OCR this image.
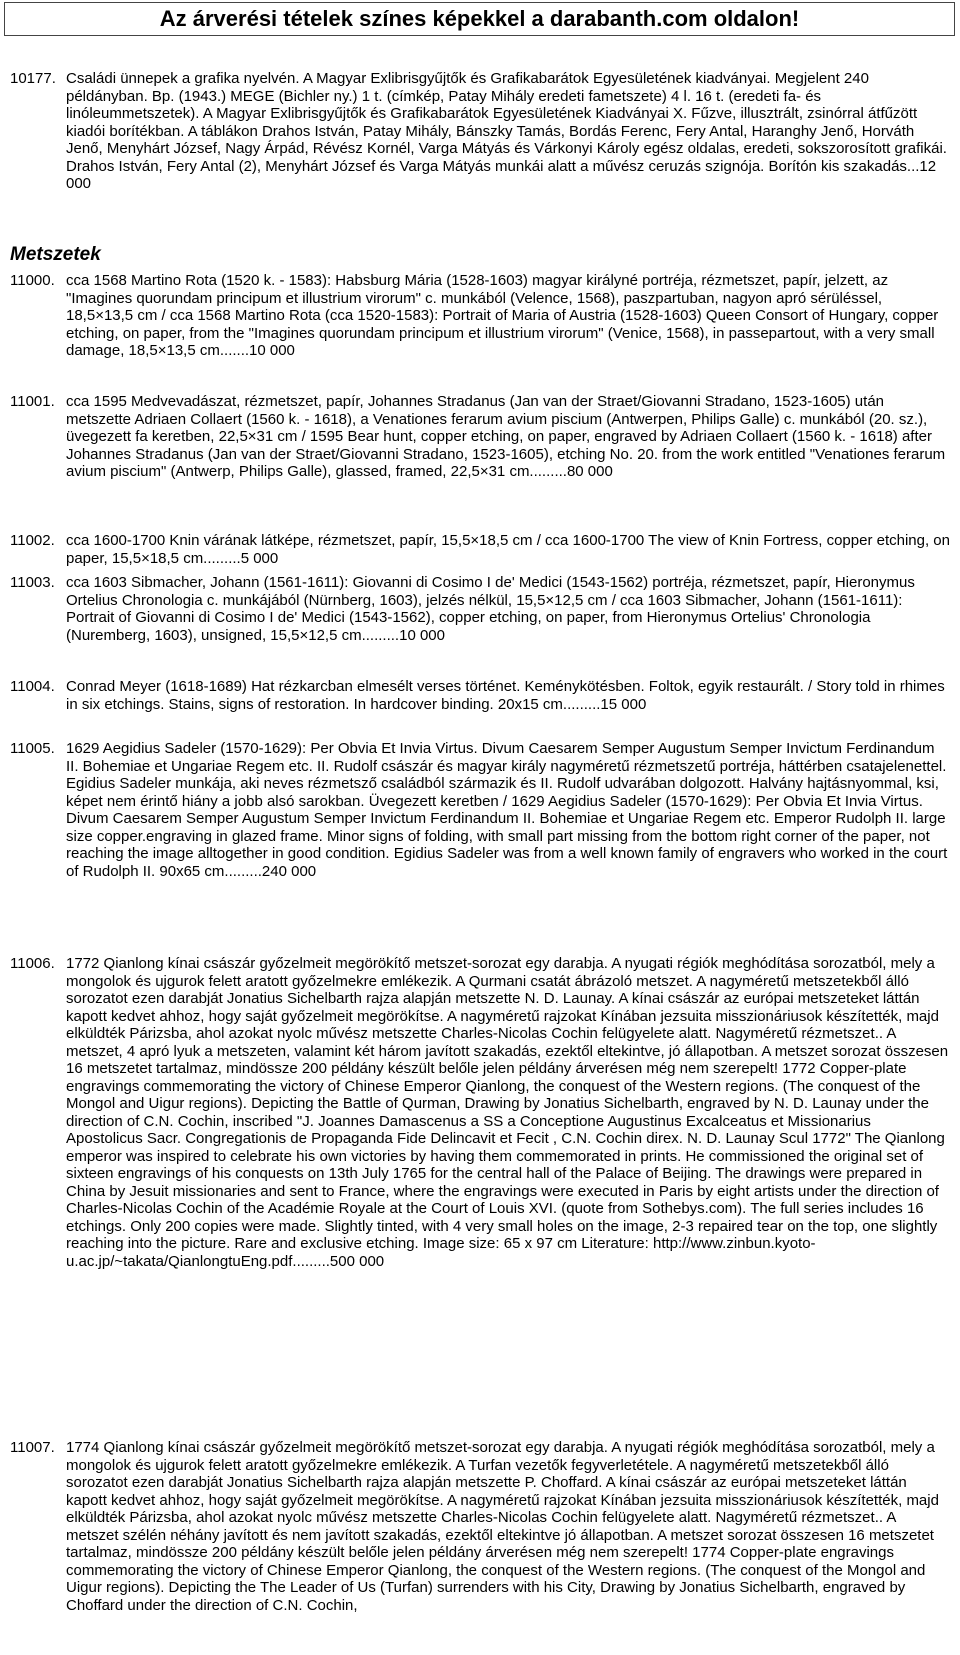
Az árverési tételek színes képekkel a darabanth.com oldalon!
10177. Családi ünnepek a grafika nyelvén. A Magyar Exlibrisgyűjtők és Grafikabarátok Egyesületének kiadványai. Megjelent 240 példányban. Bp. (1943.) MEGE (Bichler ny.) 1 t. (címkép, Patay Mihály eredeti fametszete) 4 l. 16 t. (eredeti fa- és linóleummetszetek). A Magyar Exlibrisgyűjtők és Grafikabarátok Egyesületének Kiadványai X. Fűzve, illusztrált, zsinórral átfűzött kiadói borítékban. A táblákon Drahos István, Patay Mihály, Bánszky Tamás, Bordás Ferenc, Fery Antal, Haranghy Jenő, Horváth Jenő, Menyhárt József, Nagy Árpád, Révész Kornél, Varga Mátyás és Várkonyi Károly egész oldalas, eredeti, sokszorosított grafikái. Drahos István, Fery Antal (2), Menyhárt József és Varga Mátyás munkái alatt a művész ceruzás szignója. Borítón kis szakadás...12 000
Metszetek
11000. cca 1568 Martino Rota (1520 k. - 1583): Habsburg Mária (1528-1603) magyar királyné portréja, rézmetszet, papír, jelzett, az "Imagines quorundam principum et illustrium virorum" c. munkából (Velence, 1568), paszpartuban, nagyon apró sérüléssel, 18,5×13,5 cm / cca 1568 Martino Rota (cca 1520-1583): Portrait of Maria of Austria (1528-1603) Queen Consort of Hungary, copper etching, on paper, from the "Imagines quorundam principum et illustrium virorum" (Venice, 1568), in passepartout, with a very small damage, 18,5×13,5 cm.......10 000
11001. cca 1595 Medvevadászat, rézmetszet, papír, Johannes Stradanus (Jan van der Straet/Giovanni Stradano, 1523-1605) után metszette Adriaen Collaert (1560 k. - 1618), a Venationes ferarum avium piscium (Antwerpen, Philips Galle) c. munkából (20. sz.), üvegezett fa keretben, 22,5×31 cm / 1595 Bear hunt, copper etching, on paper, engraved by Adriaen Collaert (1560 k. - 1618) after Johannes Stradanus (Jan van der Straet/Giovanni Stradano, 1523-1605), etching No. 20. from the work entitled "Venationes ferarum avium piscium" (Antwerp, Philips Galle), glassed, framed, 22,5×31 cm.........80 000
11002. cca 1600-1700 Knin várának látképe, rézmetszet, papír, 15,5×18,5 cm / cca 1600-1700 The view of Knin Fortress, copper etching, on paper, 15,5×18,5 cm.........5 000
11003. cca 1603 Sibmacher, Johann (1561-1611): Giovanni di Cosimo I de' Medici (1543-1562) portréja, rézmetszet, papír, Hieronymus Ortelius Chronologia c. munkájából (Nürnberg, 1603), jelzés nélkül, 15,5×12,5 cm / cca 1603 Sibmacher, Johann (1561-1611): Portrait of Giovanni di Cosimo I de' Medici (1543-1562), copper etching, on paper, from Hieronymus Ortelius' Chronologia (Nuremberg, 1603), unsigned, 15,5×12,5 cm.........10 000
11004. Conrad Meyer (1618-1689) Hat rézkarcban elmesélt verses történet. Keménykötésben. Foltok, egyik restaurált. / Story told in rhimes in six etchings. Stains, signs of restoration. In hardcover binding. 20x15 cm.........15 000
11005. 1629 Aegidius Sadeler (1570-1629): Per Obvia Et Invia Virtus. Divum Caesarem Semper Augustum Semper Invictum Ferdinandum II. Bohemiae et Ungariae Regem etc. II. Rudolf császár és magyar király nagyméretű rézmetszetű portréja, háttérben csatajelenettel. Egidius Sadeler munkája, aki neves rézmetsző családból származik és II. Rudolf udvarában dolgozott. Halvány hajtásnyommal, ksi, képet nem érintő hiány a jobb alsó sarokban. Üvegezett keretben / 1629 Aegidius Sadeler (1570-1629): Per Obvia Et Invia Virtus. Divum Caesarem Semper Augustum Semper Invictum Ferdinandum II. Bohemiae et Ungariae Regem etc. Emperor Rudolph II. large size copper.engraving in glazed frame. Minor signs of folding, with small part missing from the bottom right corner of the paper, not reaching the image alltogether in good condition. Egidius Sadeler was from a well known family of engravers who worked in the court of Rudolph II. 90x65 cm.........240 000
11006. 1772 Qianlong kínai császár győzelmeit megörökítő metszet-sorozat egy darabja. A nyugati régiók meghódítása sorozatból, mely a mongolok és ujgurok felett aratott győzelmekre emlékezik. A Qurmani csatát ábrázoló metszet. A nagyméretű metszetekből álló sorozatot ezen darabját Jonatius Sichelbarth rajza alapján metszette N. D. Launay. A kínai császár az európai metszeteket láttán kapott kedvet ahhoz, hogy saját győzelmeit megörökítse. A nagyméretű rajzokat Kínában jezsuita misszionáriusok készítették, majd elküldték Párizsba, ahol azokat nyolc művész metszette Charles-Nicolas Cochin felügyelete alatt. Nagyméretű rézmetszet.. A metszet, 4 apró lyuk a metszeten, valamint két három javított szakadás, ezektől eltekintve, jó állapotban. A metszet sorozat összesen 16 metszetet tartalmaz, mindössze 200 példány készült belőle jelen példány árverésen még nem szerepelt! 1772 Copper-plate engravings commemorating the victory of Chinese Emperor Qianlong, the conquest of the Western regions. (The conquest of the Mongol and Uigur regions). Depicting the Battle of Qurman, Drawing by Jonatius Sichelbarth, engraved by N. D. Launay under the direction of C.N. Cochin, inscribed "J. Joannes Damascenus a SS a Conceptione Augustinus Excalceatus et Missionarius Apostolicus Sacr. Congregationis de Propaganda Fide Delincavit et Fecit , C.N. Cochin direx. N. D. Launay Scul 1772" The Qianlong emperor was inspired to celebrate his own victories by having them commemorated in prints. He commissioned the original set of sixteen engravings of his conquests on 13th July 1765 for the central hall of the Palace of Beijing. The drawings were prepared in China by Jesuit missionaries and sent to France, where the engravings were executed in Paris by eight artists under the direction of Charles-Nicolas Cochin of the Académie Royale at the Court of Louis XVI. (quote from Sothebys.com). The full series includes 16 etchings. Only 200 copies were made. Slightly tinted, with 4 very small holes on the image, 2-3 repaired tear on the top, one slightly reaching into the picture. Rare and exclusive etching. Image size: 65 x 97 cm Literature: http://www.zinbun.kyoto-u.ac.jp/~takata/QianlongtuEng.pdf.........500 000
11007. 1774 Qianlong kínai császár győzelmeit megörökítő metszet-sorozat egy darabja. A nyugati régiók meghódítása sorozatból, mely a mongolok és ujgurok felett aratott győzelmekre emlékezik. A Turfan vezetők fegyverletétele. A nagyméretű metszetekből álló sorozatot ezen darabját Jonatius Sichelbarth rajza alapján metszette P. Choffard. A kínai császár az európai metszeteket láttán kapott kedvet ahhoz, hogy saját győzelmeit megörökítse. A nagyméretű rajzokat Kínában jezsuita misszionáriusok készítették, majd elküldték Párizsba, ahol azokat nyolc művész metszette Charles-Nicolas Cochin felügyelete alatt. Nagyméretű rézmetszet.. A metszet szélén néhány javított és nem javított szakadás, ezektől eltekintve jó állapotban. A metszet sorozat összesen 16 metszetet tartalmaz, mindössze 200 példány készült belőle jelen példány árverésen még nem szerepelt! 1774 Copper-plate engravings commemorating the victory of Chinese Emperor Qianlong, the conquest of the Western regions. (The conquest of the Mongol and Uigur regions). Depicting the The Leader of Us (Turfan) surrenders with his City, Drawing by Jonatius Sichelbarth, engraved by Choffard under the direction of C.N. Cochin,
